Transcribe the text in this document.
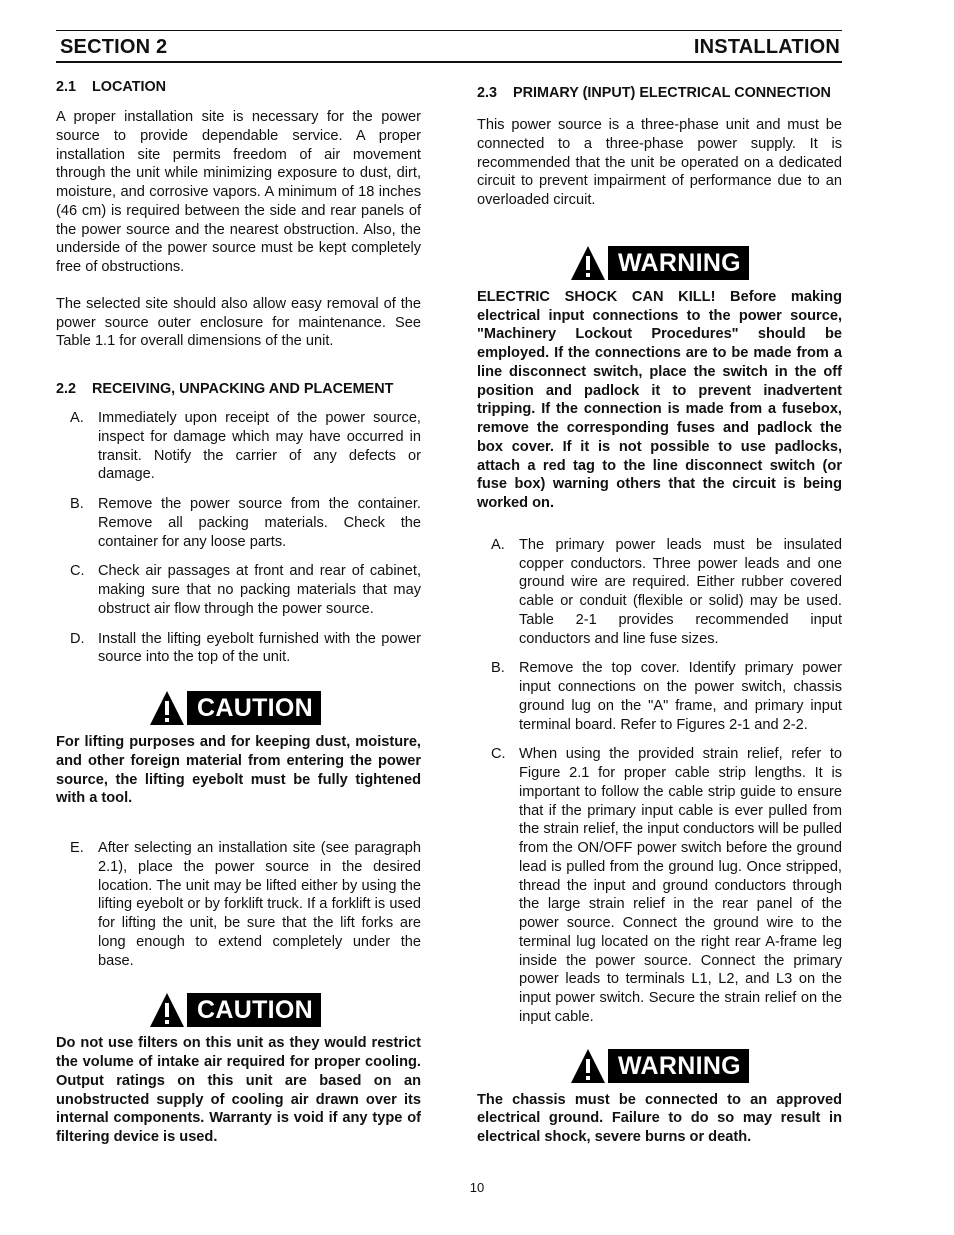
SECTION 2	INSTALLATION
2.1	LOCATION

A proper installation site is necessary for the power source to provide dependable service. A proper installation site permits freedom of air movement through the unit while minimizing exposure to dust, dirt, moisture, and corrosive vapors. A minimum of 18 inches (46 cm) is required between the side and rear panels of the power source and the nearest obstruction. Also, the underside of the power source must be kept completely free of obstructions.

The selected site should also allow easy removal of the power source outer enclosure for maintenance. See Table 1.1 for overall dimensions of the unit.

2.2	RECEIVING, UNPACKING AND PLACEMENT
A. Immediately upon receipt of the power source, inspect for damage which may have occurred in transit. Notify the carrier of any defects or damage.
B. Remove the power source from the container. Remove all packing materials. Check the container for any loose parts.
C. Check air passages at front and rear of cabinet, making sure that no packing materials that may obstruct air flow through the power source.
D. Install the lifting eyebolt furnished with the power source into the top of the unit.
CAUTION

For lifting purposes and for keeping dust, moisture, and other foreign material from entering the power source, the lifting eyebolt must be fully tightened with a tool.

E. After selecting an installation site (see paragraph 2.1), place the power source in the desired location. The unit may be lifted either by using the lifting eyebolt or by forklift truck. If a forklift is used for lifting the unit, be sure that the lift forks are long enough to extend completely under the base.
CAUTION

Do not use filters on this unit as they would restrict the volume of intake air required for proper cooling. Output ratings on this unit are based on an unobstructed supply of cooling air drawn over its internal components. Warranty is void if any type of filtering device is used.

2.3	PRIMARY (INPUT) ELECTRICAL CONNECTION

This power source is a three-phase unit and must be connected to a three-phase power supply. It is recommended that the unit be operated on a dedicated circuit to prevent impairment of performance due to an overloaded circuit.

WARNING

ELECTRIC SHOCK CAN KILL! Before making electrical input connections to the power source, "Machinery Lockout Procedures" should be employed. If the connections are to be made from a line disconnect switch, place the switch in the off position and padlock it to prevent inadvertent tripping. If the connection is made from a fusebox, remove the corresponding fuses and padlock the box cover. If it is not possible to use padlocks, attach a red tag to the line disconnect switch (or fuse box) warning others that the circuit is being worked on.

A. The primary power leads must be insulated copper conductors. Three power leads and one ground wire are required. Either rubber covered cable or conduit (flexible or solid) may be used. Table 2-1 provides recommended input conductors and line fuse sizes.
B. Remove the top cover. Identify primary power input connections on the power switch, chassis ground lug on the "A" frame, and primary input terminal board. Refer to Figures 2-1 and 2-2.
C. When using the provided strain relief, refer to Figure 2.1 for proper cable strip lengths. It is important to follow the cable strip guide to ensure that if the primary input cable is ever pulled from the strain relief, the input conductors will be pulled from the ON/OFF power switch before the ground lead is pulled from the ground lug. Once stripped, thread the input and ground conductors through the large strain relief in the rear panel of the power source. Connect the ground wire to the terminal lug located on the right rear A-frame leg inside the power source. Connect the primary power leads to terminals L1, L2, and L3 on the input power switch. Secure the strain relief on the input cable.
WARNING

The chassis must be connected to an approved electrical ground. Failure to do so may result in electrical shock, severe burns or death.

10
